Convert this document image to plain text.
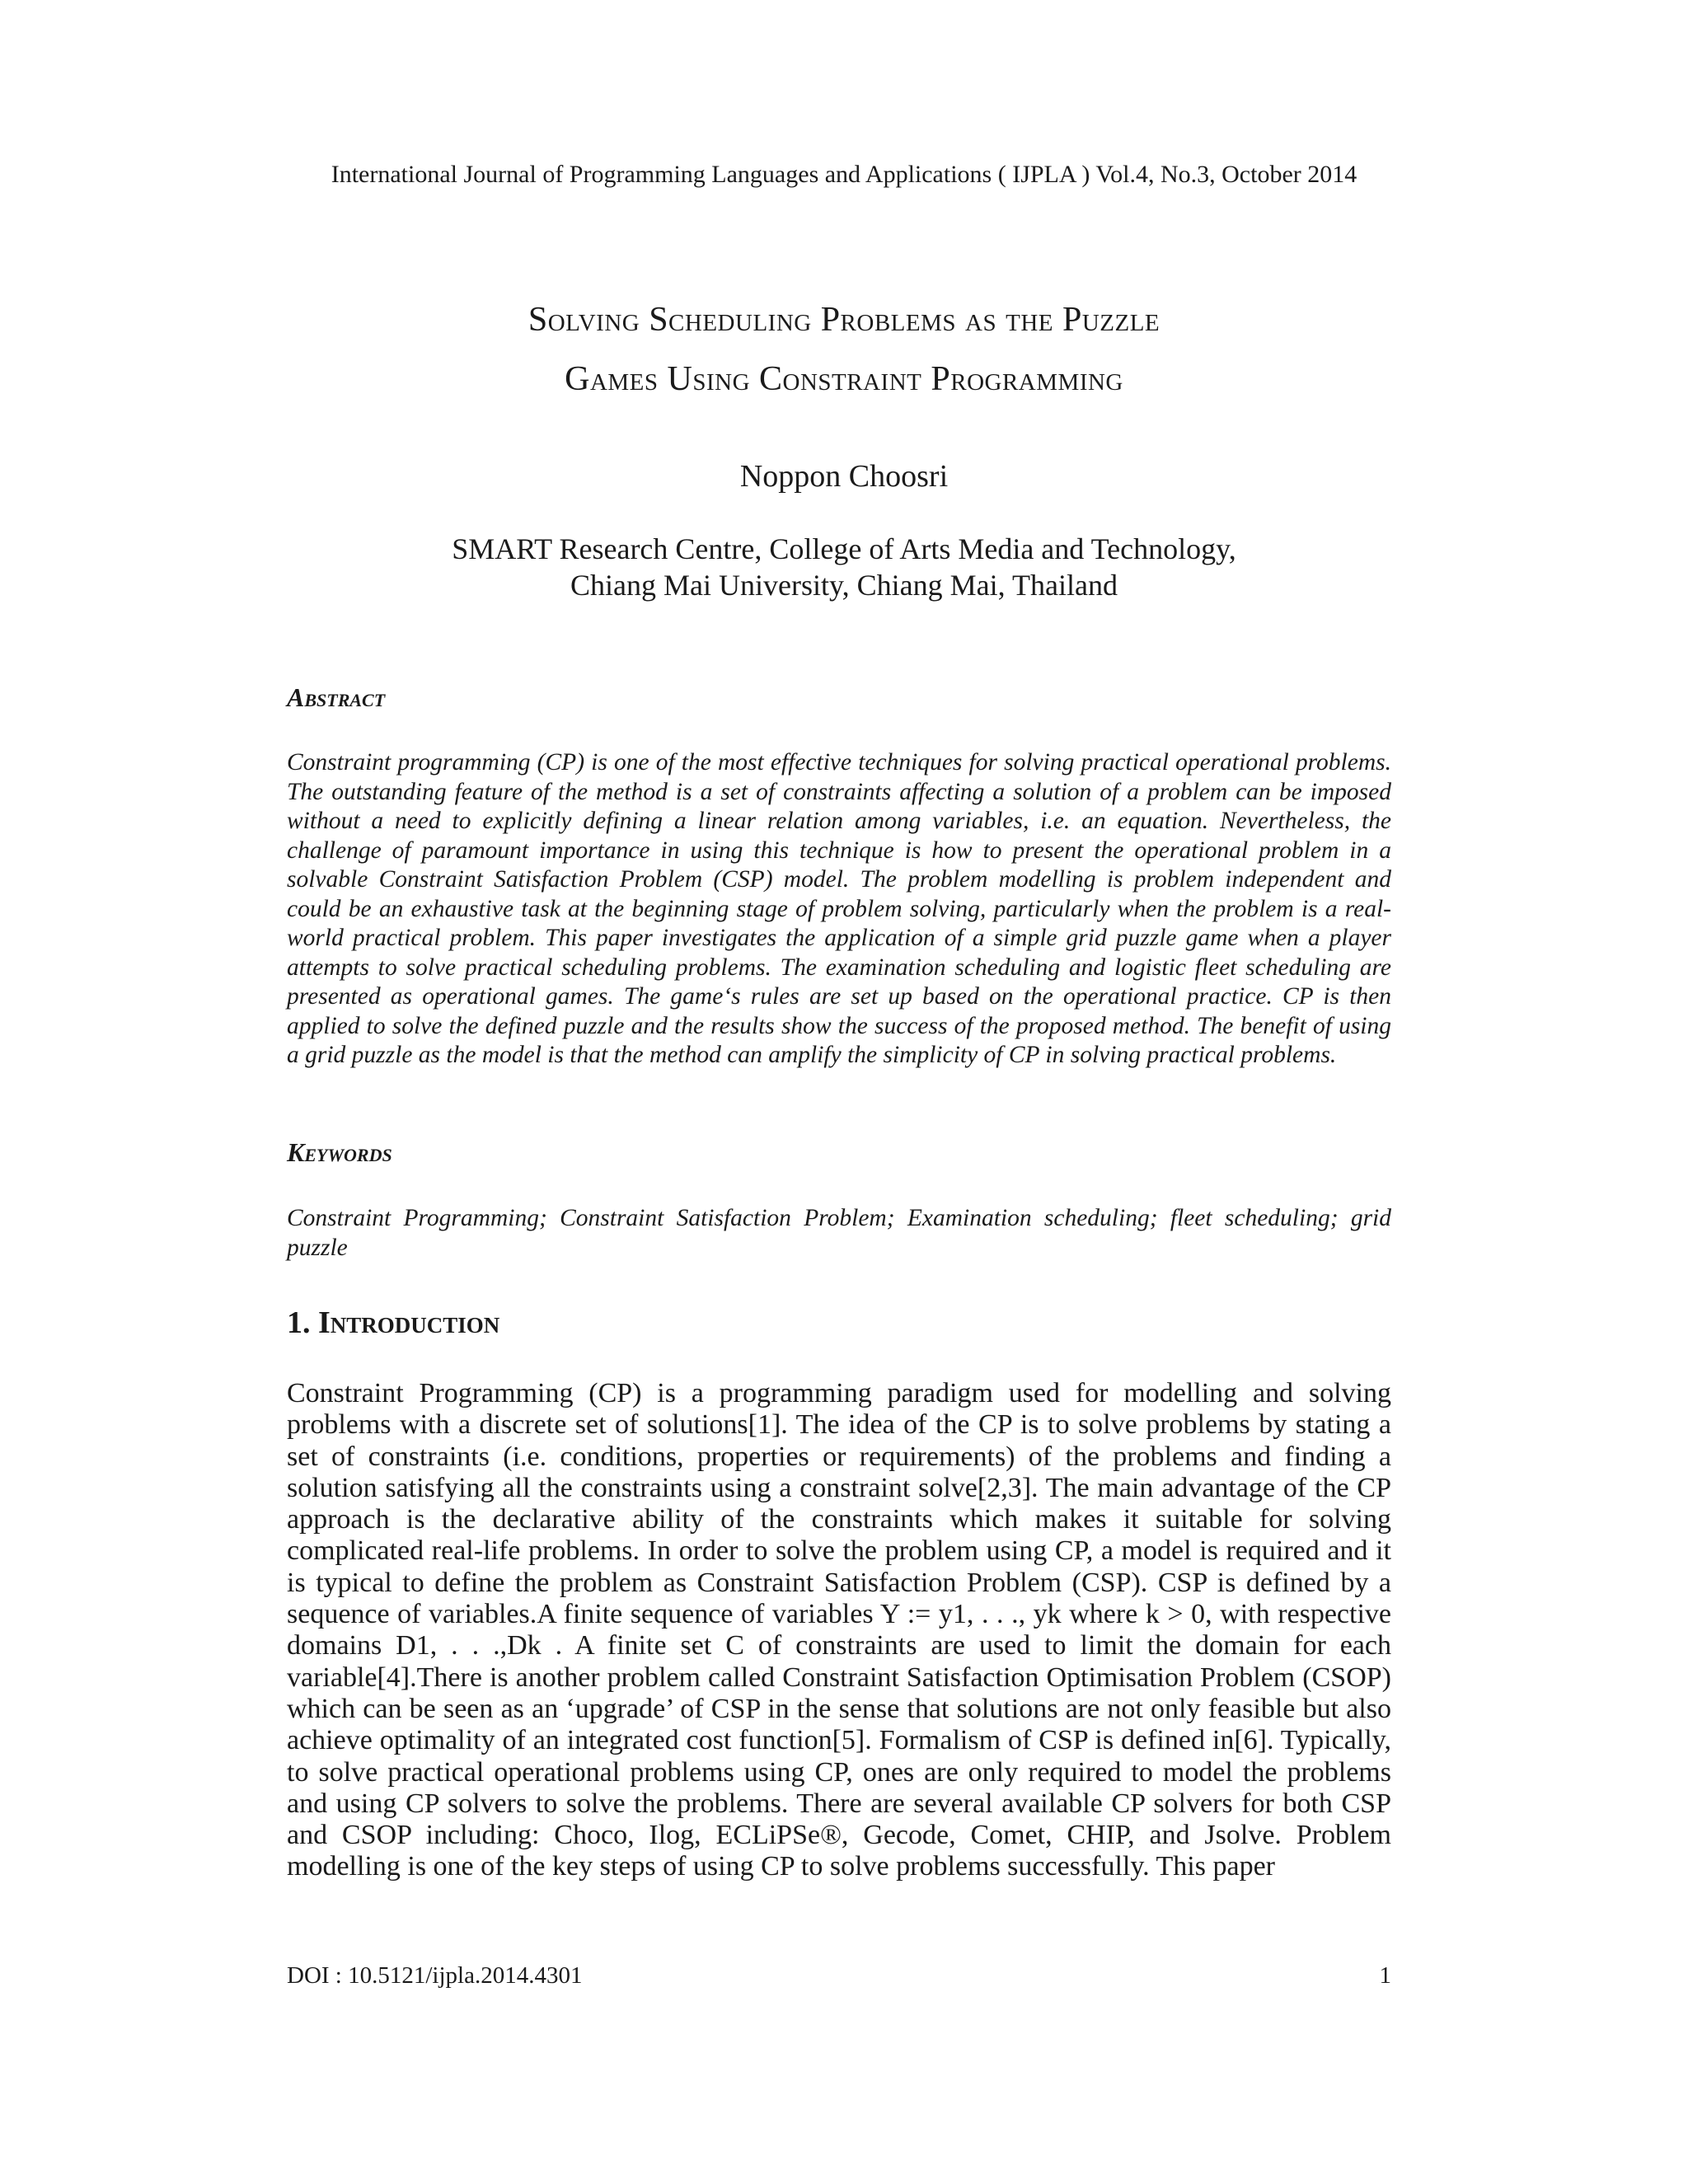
International Journal of Programming Languages and Applications ( IJPLA ) Vol.4, No.3, October 2014
Solving Scheduling Problems as the Puzzle
Games Using Constraint Programming
Noppon Choosri
SMART Research Centre, College of Arts Media and Technology,
Chiang Mai University, Chiang Mai, Thailand
Abstract
Constraint programming (CP) is one of the most effective techniques for solving practical operational problems. The outstanding feature of the method is a set of constraints affecting a solution of a problem can be imposed without a need to explicitly defining a linear relation among variables, i.e. an equation. Nevertheless, the challenge of paramount importance in using this technique is how to present the operational problem in a solvable Constraint Satisfaction Problem (CSP) model. The problem modelling is problem independent and could be an exhaustive task at the beginning stage of problem solving, particularly when the problem is a real-world practical problem. This paper investigates the application of a simple grid puzzle game when a player attempts to solve practical scheduling problems. The examination scheduling and logistic fleet scheduling are presented as operational games. The game‘s rules are set up based on the operational practice. CP is then applied to solve the defined puzzle and the results show the success of the proposed method. The benefit of using a grid puzzle as the model is that the method can amplify the simplicity of CP in solving practical problems.
Keywords
Constraint Programming; Constraint Satisfaction Problem; Examination scheduling; fleet scheduling; grid puzzle
1. Introduction
Constraint Programming (CP) is a programming paradigm used for modelling and solving problems with a discrete set of solutions[1]. The idea of the CP is to solve problems by stating a set of constraints (i.e. conditions, properties or requirements) of the problems and finding a solution satisfying all the constraints using a constraint solve[2,3]. The main advantage of the CP approach is the declarative ability of the constraints which makes it suitable for solving complicated real-life problems. In order to solve the problem using CP, a model is required and it is typical to define the problem as Constraint Satisfaction Problem (CSP). CSP is defined by a sequence of variables.A finite sequence of variables Y := y1, . . ., yk where k > 0, with respective domains D1, . . .,Dk . A finite set C of constraints are used to limit the domain for each variable[4].There is another problem called Constraint Satisfaction Optimisation Problem (CSOP) which can be seen as an ‘upgrade’ of CSP in the sense that solutions are not only feasible but also achieve optimality of an integrated cost function[5]. Formalism of CSP is defined in[6]. Typically, to solve practical operational problems using CP, ones are only required to model the problems and using CP solvers to solve the problems. There are several available CP solvers for both CSP and CSOP including: Choco, Ilog, ECLiPSe®, Gecode, Comet, CHIP, and Jsolve. Problem modelling is one of the key steps of using CP to solve problems successfully. This paper
DOI : 10.5121/ijpla.2014.4301	1
